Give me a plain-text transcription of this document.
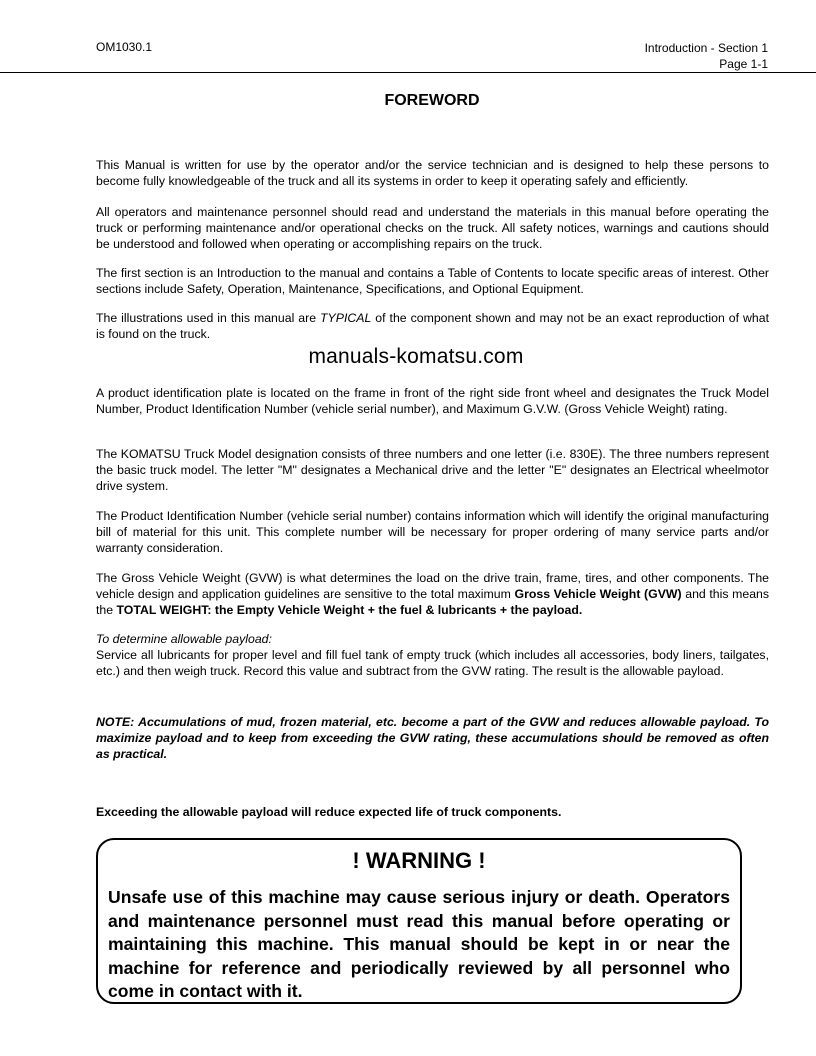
OM1030.1	Introduction - Section 1
Page 1-1
FOREWORD

This Manual is written for use by the operator and/or the service technician and is designed to help these persons to become fully knowledgeable of the truck and all its systems in order to keep it operating safely and efficiently.

All operators and maintenance personnel should read and understand the materials in this manual before operating the truck or performing maintenance and/or operational checks on the truck. All safety notices, warnings and cautions should be understood and followed when operating or accomplishing repairs on the truck.

The first section is an Introduction to the manual and contains a Table of Contents to locate specific areas of interest. Other sections include Safety, Operation, Maintenance, Specifications, and Optional Equipment.

The illustrations used in this manual are TYPICAL of the component shown and may not be an exact reproduction of what is found on the truck.

manuals-komatsu.com

A product identification plate is located on the frame in front of the right side front wheel and designates the Truck Model Number, Product Identification Number (vehicle serial number), and Maximum G.V.W. (Gross Vehicle Weight) rating.

The KOMATSU Truck Model designation consists of three numbers and one letter (i.e. 830E). The three numbers represent the basic truck model. The letter "M" designates a Mechanical drive and the letter "E" designates an Electrical wheelmotor drive system.

The Product Identification Number (vehicle serial number) contains information which will identify the original manufacturing bill of material for this unit. This complete number will be necessary for proper ordering of many service parts and/or warranty consideration.

The Gross Vehicle Weight (GVW) is what determines the load on the drive train, frame, tires, and other components. The vehicle design and application guidelines are sensitive to the total maximum Gross Vehicle Weight (GVW) and this means the TOTAL WEIGHT: the Empty Vehicle Weight + the fuel & lubricants + the payload.

To determine allowable payload:
Service all lubricants for proper level and fill fuel tank of empty truck (which includes all accessories, body liners, tailgates, etc.) and then weigh truck. Record this value and subtract from the GVW rating. The result is the allowable payload.

NOTE: Accumulations of mud, frozen material, etc. become a part of the GVW and reduces allowable payload. To maximize payload and to keep from exceeding the GVW rating, these accumulations should be removed as often as practical.

Exceeding the allowable payload will reduce expected life of truck components.
! WARNING !

Unsafe use of this machine may cause serious injury or death. Operators and maintenance personnel must read this manual before operating or maintaining this machine. This manual should be kept in or near the machine for reference and periodically reviewed by all personnel who come in contact with it.
